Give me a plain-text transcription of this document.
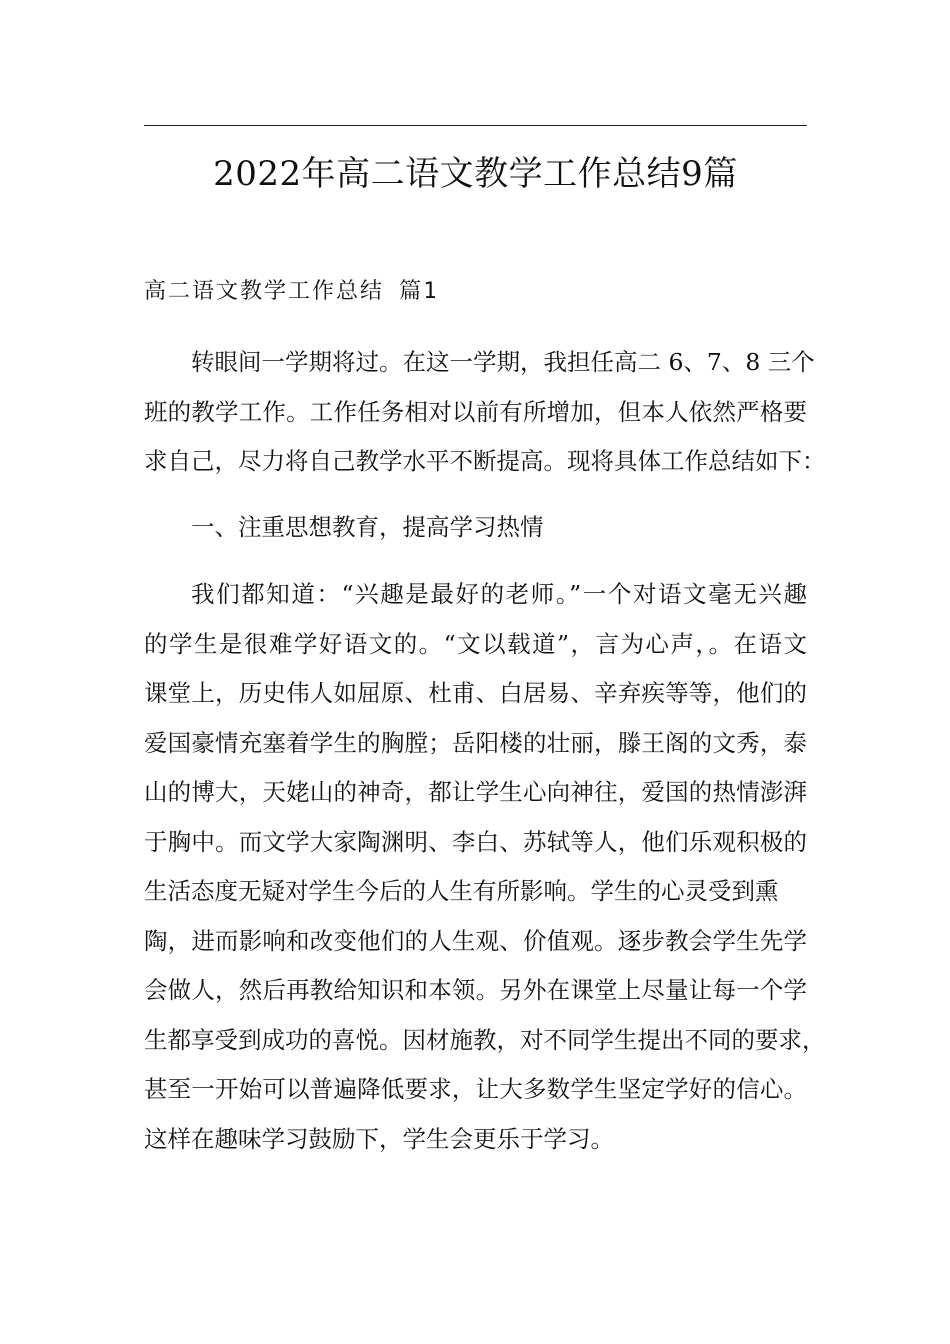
2022年高二语文教学工作总结9篇
高二语文教学工作总结 篇1
转眼间一学期将过。在这一学期，我担任高二 6、7、8 三个
班的教学工作。工作任务相对以前有所增加，但本人依然严格要
求自己，尽力将自己教学水平不断提高。现将具体工作总结如下：
一、注重思想教育，提高学习热情
我们都知道：“兴趣是最好的老师。”一个对语文毫无兴趣
的学生是很难学好语文的。“文以载道”，言为心声，。在语文
课堂上，历史伟人如屈原、杜甫、白居易、辛弃疾等等，他们的
爱国豪情充塞着学生的胸膛；岳阳楼的壮丽，滕王阁的文秀，泰
山的博大，天姥山的神奇，都让学生心向神往，爱国的热情澎湃
于胸中。而文学大家陶渊明、李白、苏轼等人，他们乐观积极的
生活态度无疑对学生今后的人生有所影响。学生的心灵受到熏
陶，进而影响和改变他们的人生观、价值观。逐步教会学生先学
会做人，然后再教给知识和本领。另外在课堂上尽量让每一个学
生都享受到成功的喜悦。因材施教，对不同学生提出不同的要求，
甚至一开始可以普遍降低要求，让大多数学生坚定学好的信心。
这样在趣味学习鼓励下，学生会更乐于学习。
